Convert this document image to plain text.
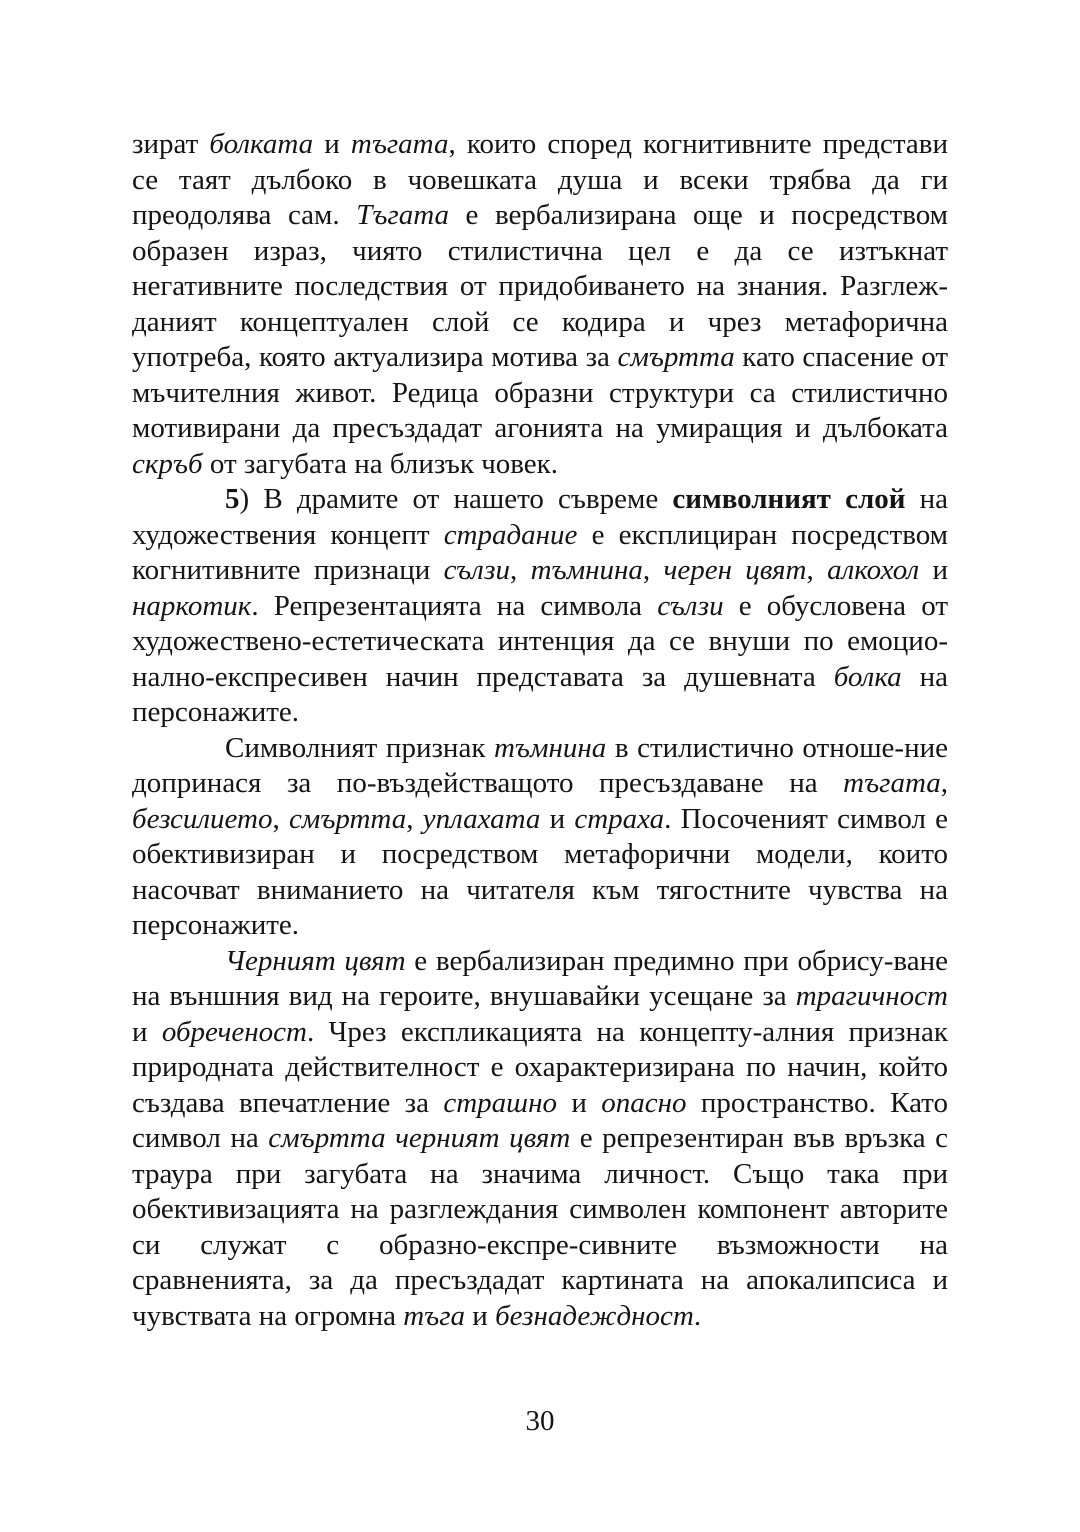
зират болката и тъгата, които според когнитивните представи се таят дълбоко в човешката душа и всеки трябва да ги преодолява сам. Тъгата е вербализирана още и посредством образен израз, чиято стилистична цел е да се изтъкнат негативните последствия от придобиването на знания. Разглеж-даният концептуален слой се кодира и чрез метафорична употреба, която актуализира мотива за смъртта като спасение от мъчителния живот. Редица образни структури са стилистично мотивирани да пресъздадат агонията на умиращия и дълбоката скръб от загубата на близък човек.

5) В драмите от нашето съвреме символният слой на художествения концепт страдание е експлициран посредством когнитивните признаци сълзи, тъмнина, черен цвят, алкохол и наркотик. Репрезентацията на символа сълзи е обусловена от художествено-естетическата интенция да се внуши по емоцио-нално-експресивен начин представата за душевната болка на персонажите.

Символният признак тъмнина в стилистично отноше-ние допринася за по-въздействащото пресъздаване на тъгата, безсилието, смъртта, уплахата и страха. Посоченият символ е обективизиран и посредством метафорични модели, които насочват вниманието на читателя към тягостните чувства на персонажите.

Черният цвят е вербализиран предимно при обрису-ване на външния вид на героите, внушавайки усещане за трагичност и обреченост. Чрез експликацията на концепту-алния признак природната действителност е охарактеризирана по начин, който създава впечатление за страшно и опасно пространство. Като символ на смъртта черният цвят е репрезентиран във връзка с траура при загубата на значима личност. Също така при обективизацията на разглеждания символен компонент авторите си служат с образно-експре-сивните възможности на сравненията, за да пресъздадат картината на апокалипсиса и чувствата на огромна тъга и безнадеждност.

30
